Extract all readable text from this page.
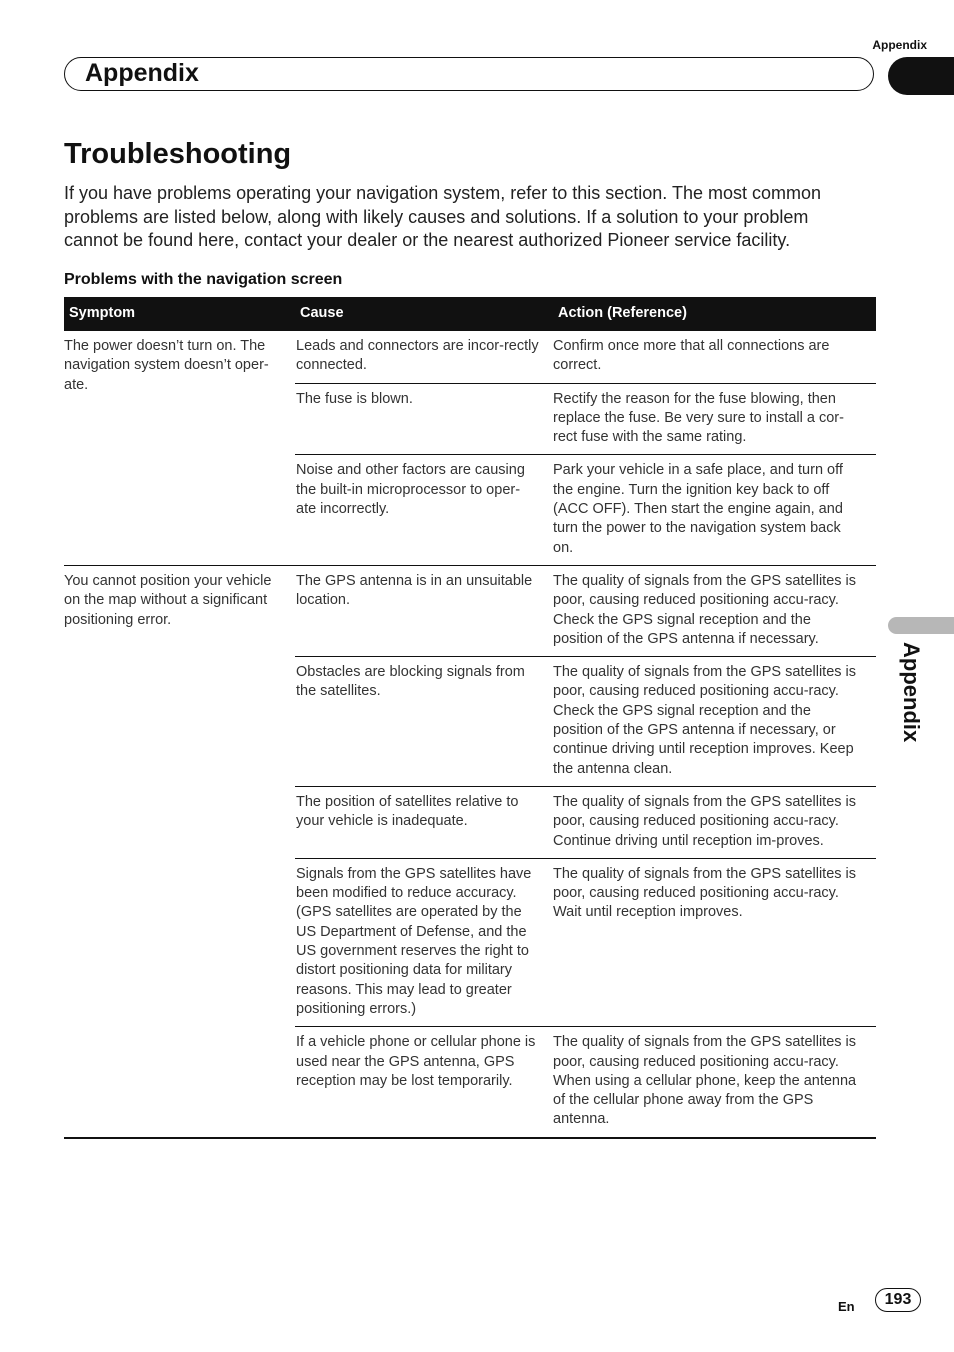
Appendix
Appendix
Appendix
Troubleshooting

If you have problems operating your navigation system, refer to this section. The most common problems are listed below, along with likely causes and solutions. If a solution to your problem cannot be found here, contact your dealer or the nearest authorized Pioneer service facility.

Problems with the navigation screen

Symptom	Cause	Action (Reference)
The power doesn’t turn on. The navigation system doesn’t oper-ate.	Leads and connectors are incor-rectly connected.	Confirm once more that all connections are correct.
	The fuse is blown.	Rectify the reason for the fuse blowing, then replace the fuse. Be very sure to install a cor-rect fuse with the same rating.
	Noise and other factors are causing the built-in microprocessor to oper-ate incorrectly.	Park your vehicle in a safe place, and turn off the engine. Turn the ignition key back to off (ACC OFF). Then start the engine again, and turn the power to the navigation system back on.
You cannot position your vehicle on the map without a significant positioning error.	The GPS antenna is in an unsuitable location.	The quality of signals from the GPS satellites is poor, causing reduced positioning accu-racy. Check the GPS signal reception and the position of the GPS antenna if necessary.
	Obstacles are blocking signals from the satellites.	The quality of signals from the GPS satellites is poor, causing reduced positioning accu-racy. Check the GPS signal reception and the position of the GPS antenna if necessary, or continue driving until reception improves. Keep the antenna clean.
	The position of satellites relative to your vehicle is inadequate.	The quality of signals from the GPS satellites is poor, causing reduced positioning accu-racy. Continue driving until reception im-proves.
	Signals from the GPS satellites have been modified to reduce accuracy. (GPS satellites are operated by the US Department of Defense, and the US government reserves the right to distort positioning data for military reasons. This may lead to greater positioning errors.)	The quality of signals from the GPS satellites is poor, causing reduced positioning accu-racy. Wait until reception improves.
	If a vehicle phone or cellular phone is used near the GPS antenna, GPS reception may be lost temporarily.	The quality of signals from the GPS satellites is poor, causing reduced positioning accu-racy. When using a cellular phone, keep the antenna of the cellular phone away from the GPS antenna.
En	193
